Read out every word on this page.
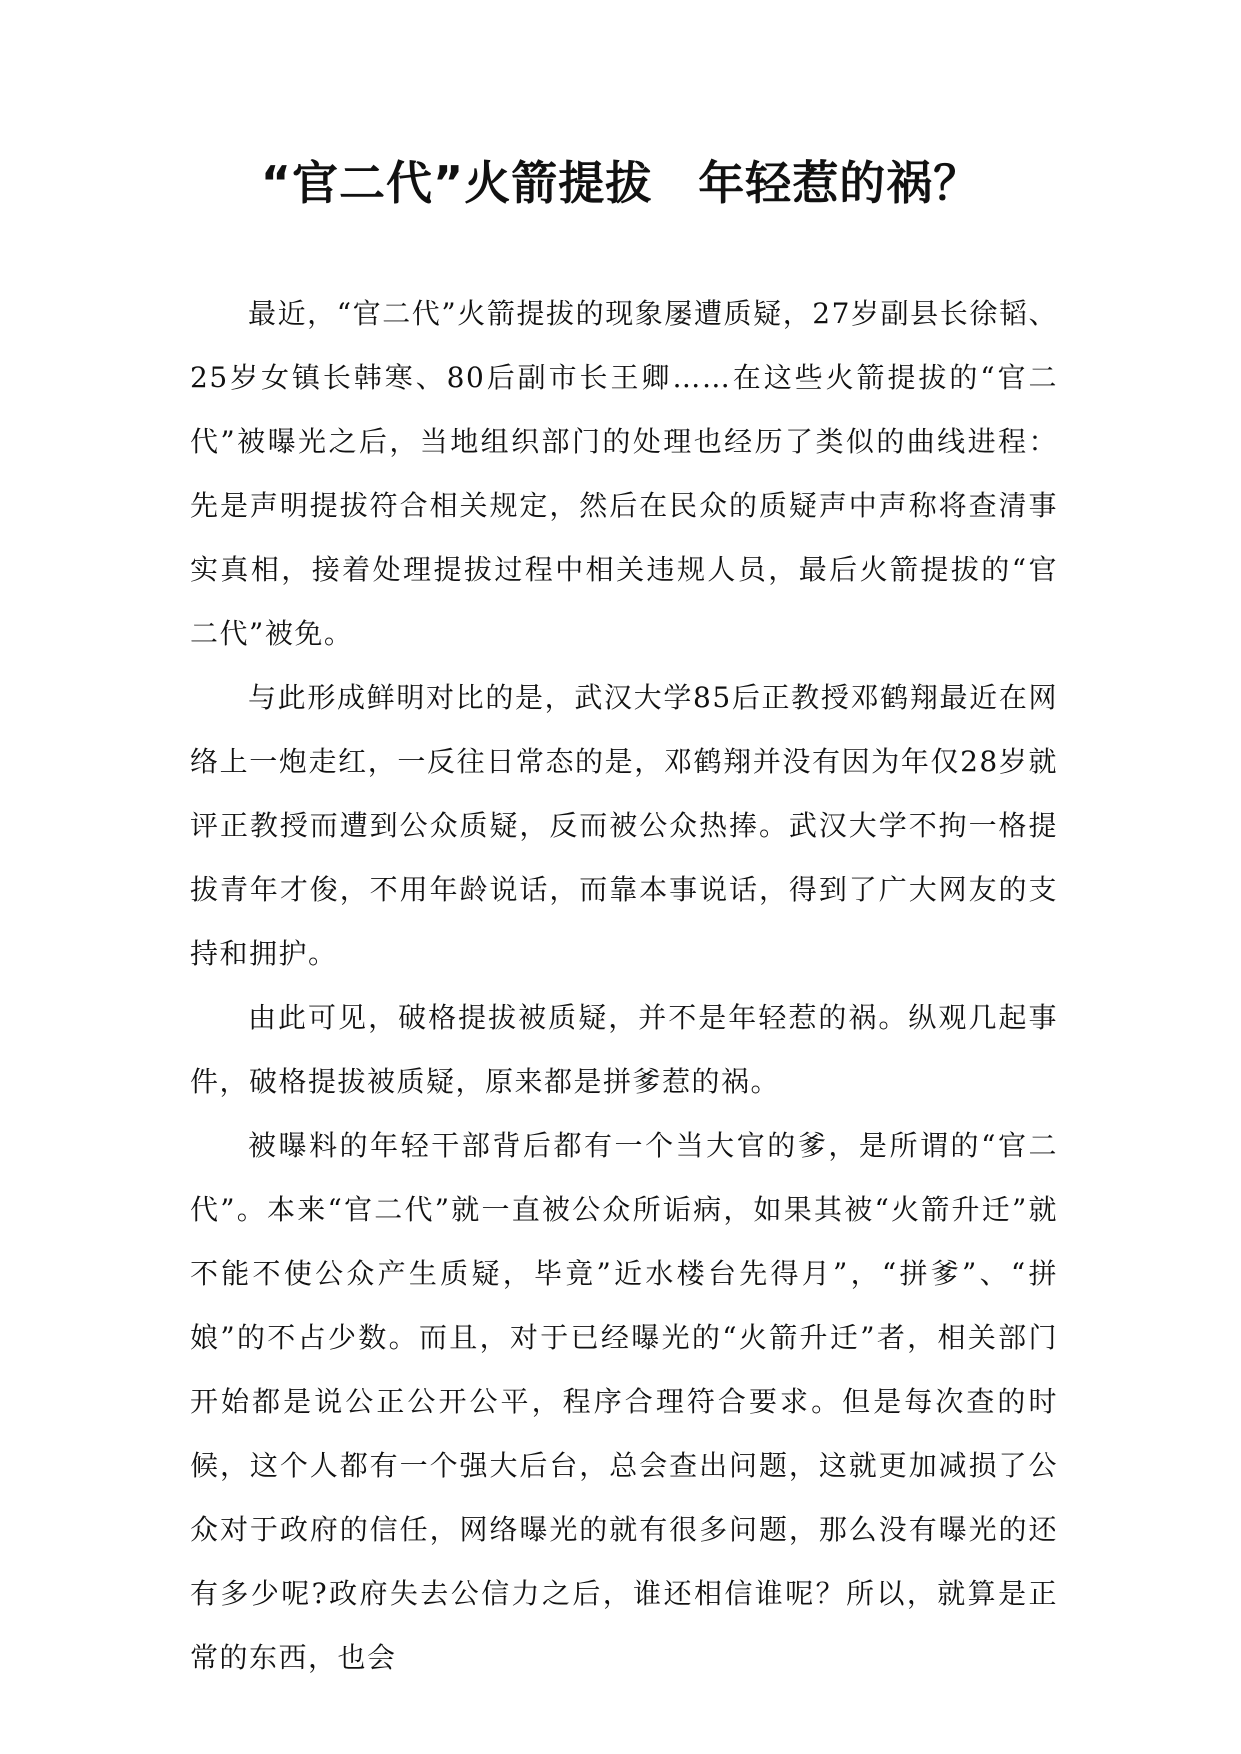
“官二代”火箭提拔 年轻惹的祸？

最近，“官二代”火箭提拔的现象屡遭质疑，27岁副县长徐韬、25岁女镇长韩寒、80后副市长王卿……在这些火箭提拔的“官二代”被曝光之后，当地组织部门的处理也经历了类似的曲线进程：先是声明提拔符合相关规定，然后在民众的质疑声中声称将查清事实真相，接着处理提拔过程中相关违规人员，最后火箭提拔的“官二代”被免。

与此形成鲜明对比的是，武汉大学85后正教授邓鹤翔最近在网络上一炮走红，一反往日常态的是，邓鹤翔并没有因为年仅28岁就评正教授而遭到公众质疑，反而被公众热捧。武汉大学不拘一格提拔青年才俊，不用年龄说话，而靠本事说话，得到了广大网友的支持和拥护。

由此可见，破格提拔被质疑，并不是年轻惹的祸。纵观几起事件，破格提拔被质疑，原来都是拼爹惹的祸。

被曝料的年轻干部背后都有一个当大官的爹，是所谓的“官二代”。本来“官二代”就一直被公众所诟病，如果其被“火箭升迁”就不能不使公众产生质疑，毕竟”近水楼台先得月”，“拼爹”、“拼娘”的不占少数。而且，对于已经曝光的“火箭升迁”者，相关部门开始都是说公正公开公平，程序合理符合要求。但是每次查的时候，这个人都有一个强大后台，总会查出问题，这就更加减损了公众对于政府的信任，网络曝光的就有很多问题，那么没有曝光的还有多少呢?政府失去公信力之后，谁还相信谁呢？所以，就算是正常的东西，也会
